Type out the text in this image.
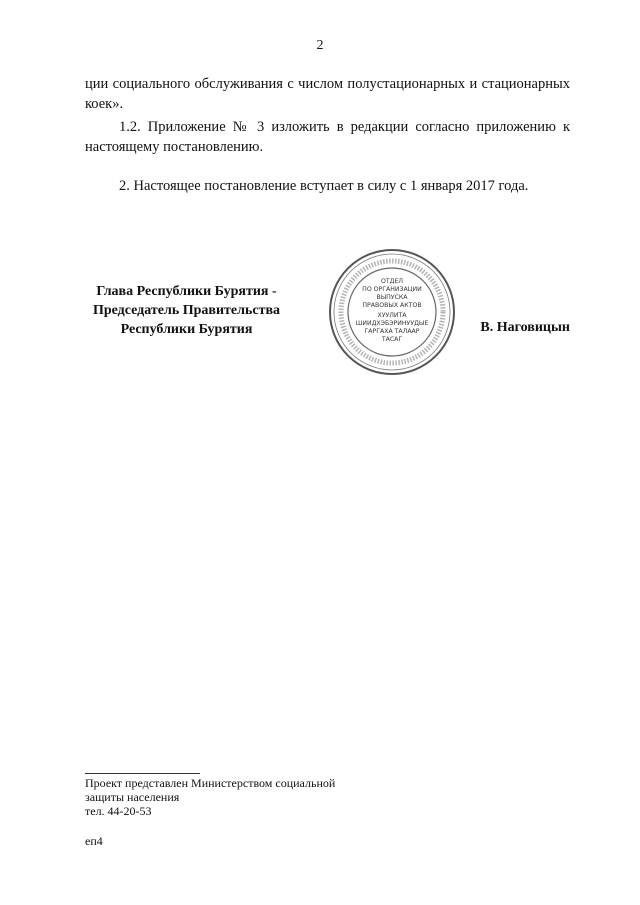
2
ции социального обслуживания с числом полустационарных и стационарных коек».
1.2. Приложение № 3 изложить в редакции согласно приложению к настоящему постановлению.
2. Настоящее постановление вступает в силу с 1 января 2017 года.
Глава Республики Бурятия -
Председатель Правительства
Республики Бурятия
ОТДЕЛ
ПО ОРГАНИЗАЦИИ
ВЫПУСКА
ПРАВОВЫХ АКТОВ
ХУУЛИТА
ШИИДХЭБЭРИНУУДЫЕ
ГАРГАХА ТАЛААР
ТАСАГ
В. Наговицын
Проект представлен Министерством социальной
защиты населения
тел. 44-20-53
еп4
